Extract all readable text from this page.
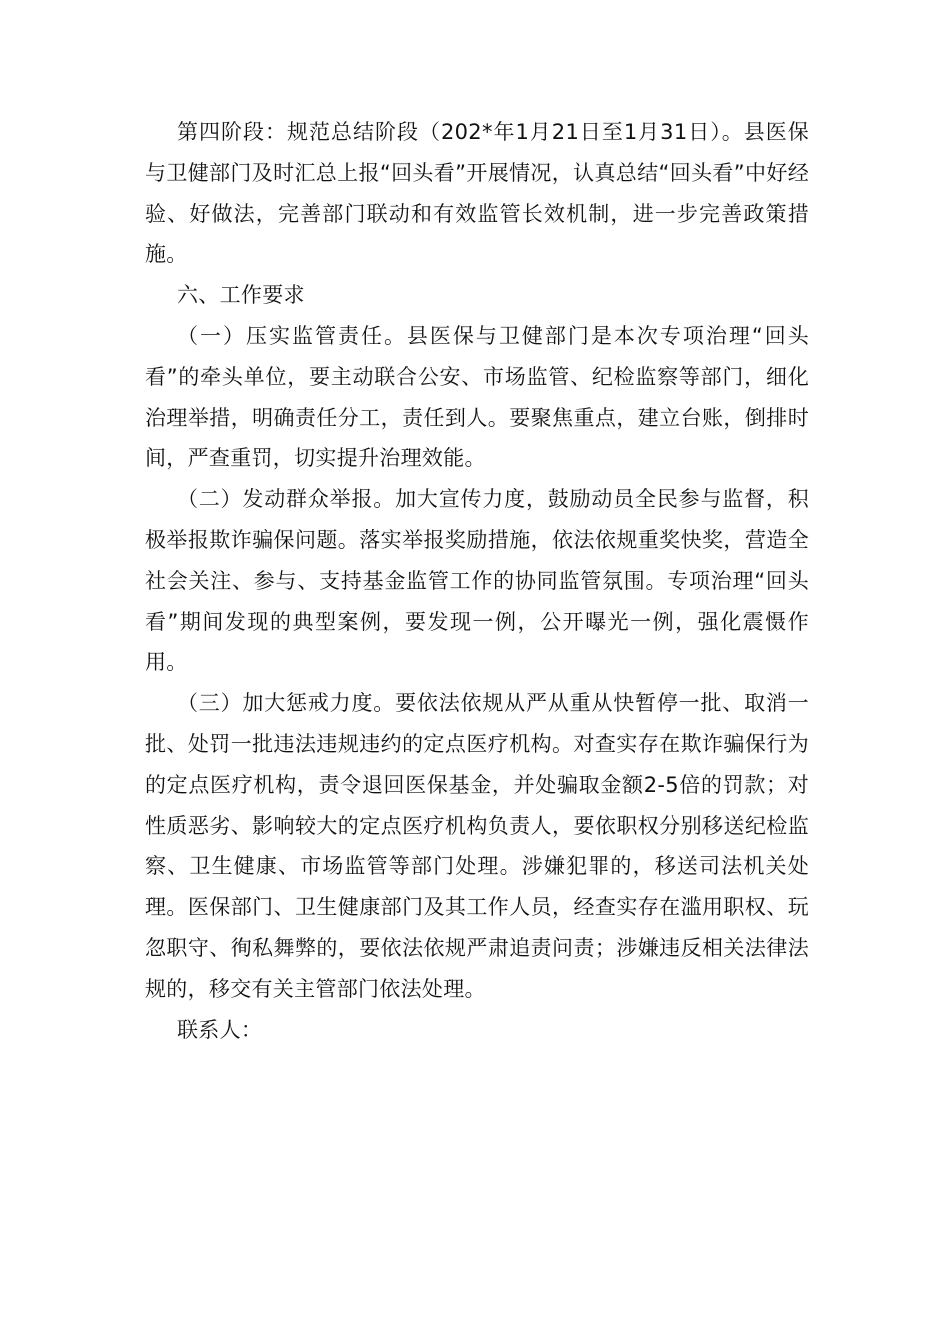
第四阶段：规范总结阶段（202*年1月21日至1月31日）。县医保与卫健部门及时汇总上报“回头看”开展情况，认真总结“回头看”中好经验、好做法，完善部门联动和有效监管长效机制，进一步完善政策措施。

六、工作要求

（一）压实监管责任。县医保与卫健部门是本次专项治理“回头看”的牵头单位，要主动联合公安、市场监管、纪检监察等部门，细化治理举措，明确责任分工，责任到人。要聚焦重点，建立台账，倒排时间，严查重罚，切实提升治理效能。

（二）发动群众举报。加大宣传力度，鼓励动员全民参与监督，积极举报欺诈骗保问题。落实举报奖励措施，依法依规重奖快奖，营造全社会关注、参与、支持基金监管工作的协同监管氛围。专项治理“回头看”期间发现的典型案例，要发现一例，公开曝光一例，强化震慑作用。

（三）加大惩戒力度。要依法依规从严从重从快暂停一批、取消一批、处罚一批违法违规违约的定点医疗机构。对查实存在欺诈骗保行为的定点医疗机构，责令退回医保基金，并处骗取金额2-5倍的罚款；对性质恶劣、影响较大的定点医疗机构负责人，要依职权分别移送纪检监察、卫生健康、市场监管等部门处理。涉嫌犯罪的，移送司法机关处理。医保部门、卫生健康部门及其工作人员，经查实存在滥用职权、玩忽职守、徇私舞弊的，要依法依规严肃追责问责；涉嫌违反相关法律法规的，移交有关主管部门依法处理。

联系人：
